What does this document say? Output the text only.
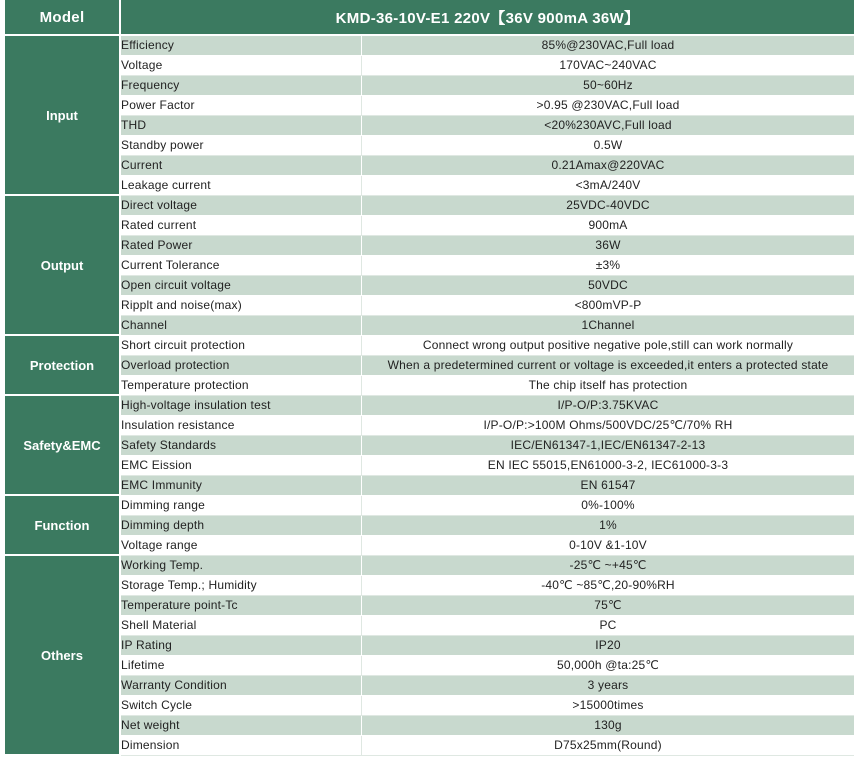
Model	KMD-36-10V-E1 220V【36V 900mA 36W】	
Input	Efficiency	85%@230VAC,Full load
	Voltage	170VAC~240VAC
	Frequency	50~60Hz
	Power Factor	>0.95 @230VAC,Full load
	THD	<20%230AVC,Full load
	Standby power	0.5W
	Current	0.21Amax@220VAC
	Leakage current	<3mA/240V
Output	Direct voltage	25VDC-40VDC
	Rated current	900mA
	Rated Power	36W
	Current Tolerance	±3%
	Open circuit voltage	50VDC
	Ripplt and noise(max)	<800mVP-P
	Channel	1Channel
Protection	Short circuit protection	Connect wrong output positive negative pole,still can work normally
	Overload protection	When a predetermined current or voltage is exceeded,it enters a protected state
	Temperature protection	The chip itself has protection
Safety&EMC	High-voltage insulation test	I/P-O/P:3.75KVAC
	Insulation resistance	I/P-O/P:>100M Ohms/500VDC/25℃/70% RH
	Safety Standards	IEC/EN61347-1,IEC/EN61347-2-13
	EMC Eission	EN IEC 55015,EN61000-3-2, IEC61000-3-3
	EMC Immunity	EN 61547
Function	Dimming range	0%-100%
	Dimming depth	1%
	Voltage range	0-10V &1-10V
Others	Working Temp.	-25℃ ~+45℃
	Storage Temp.; Humidity	-40℃ ~85℃,20-90%RH
	Temperature point-Tc	75℃
	Shell Material	PC
	IP Rating	IP20
	Lifetime	50,000h @ta:25℃
	Warranty Condition	3 years
	Switch Cycle	>15000times
	Net weight	130g
	Dimension	D75x25mm(Round)
